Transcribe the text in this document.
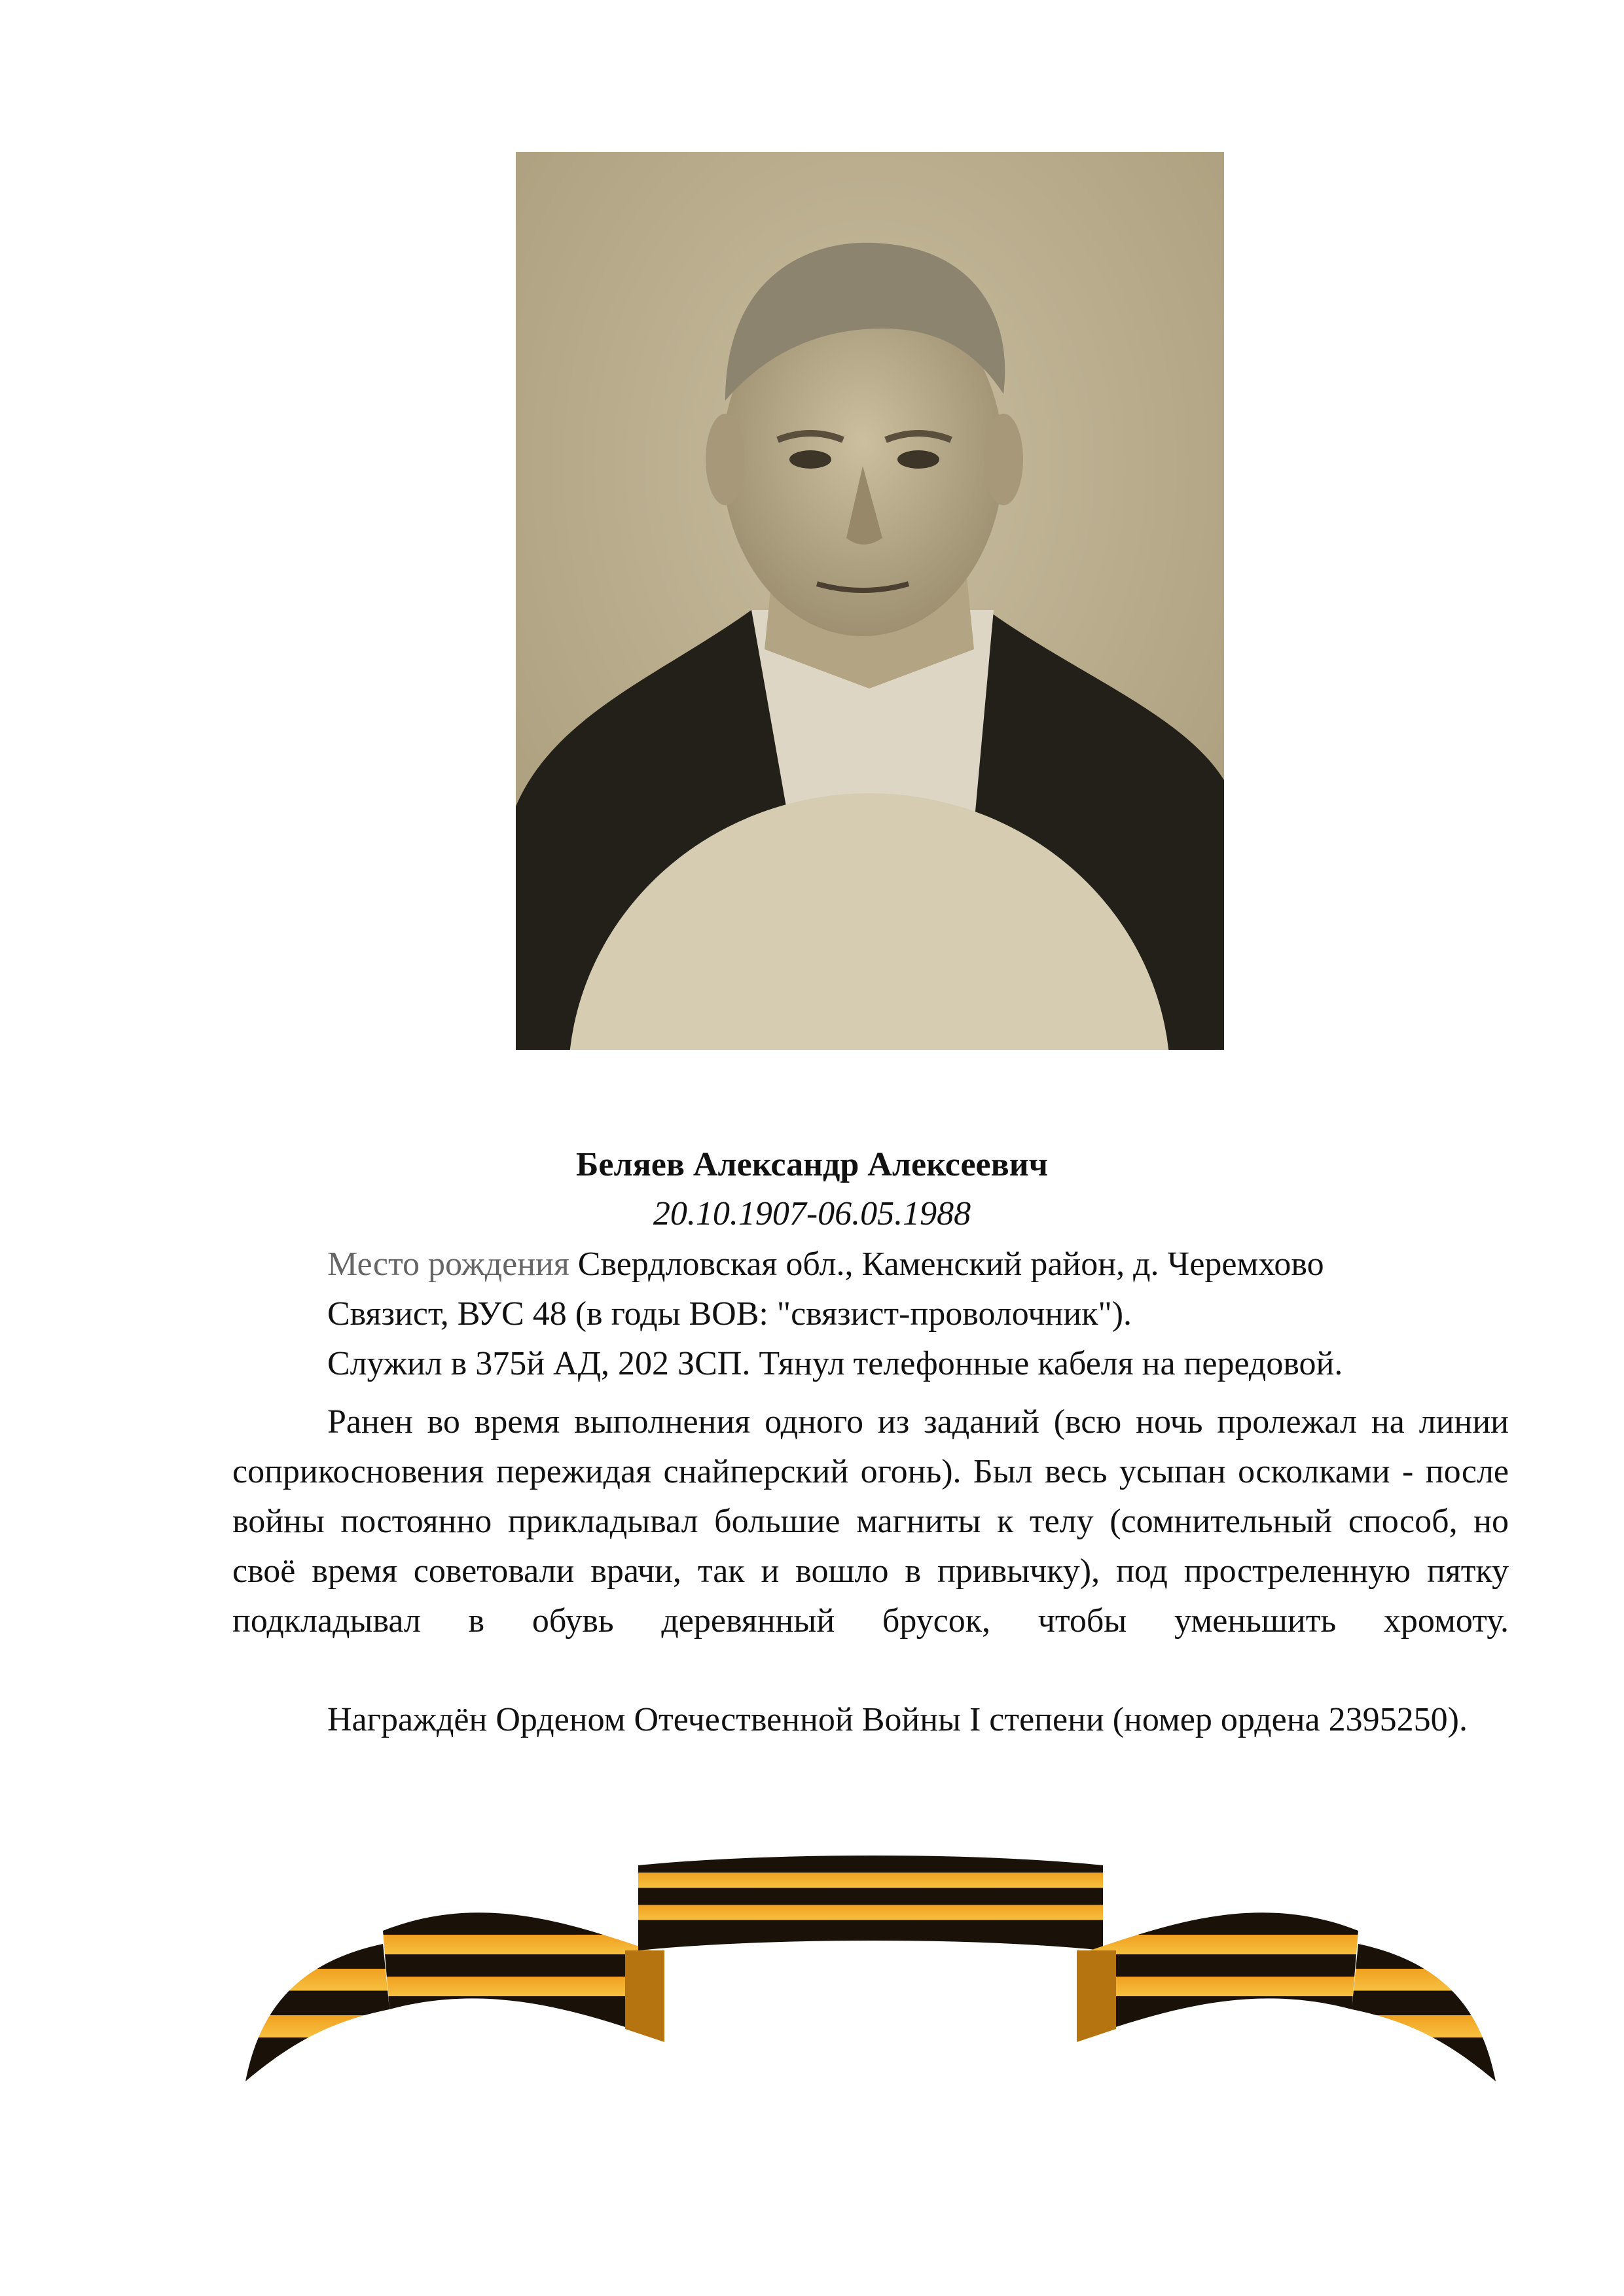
Беляев Александр Алексеевич
20.10.1907-06.05.1988
Место рождения Свердловская обл., Каменский район, д. Черемхово
Связист, ВУС 48 (в годы ВОВ: "связист-проволочник").
Служил в 375й АД, 202 ЗСП. Тянул телефонные кабеля на передовой.
Ранен во время выполнения одного из заданий (всю ночь пролежал на линии соприкосновения пережидая снайперский огонь). Был весь усыпан осколками - после войны постоянно прикладывал большие магниты к телу (сомнительный способ, но своё время советовали врачи, так и вошло в привычку), под простреленную пятку подкладывал в обувь деревянный брусок, чтобы уменьшить хромоту.
Награждён Орденом Отечественной Войны I степени (номер ордена 2395250).
